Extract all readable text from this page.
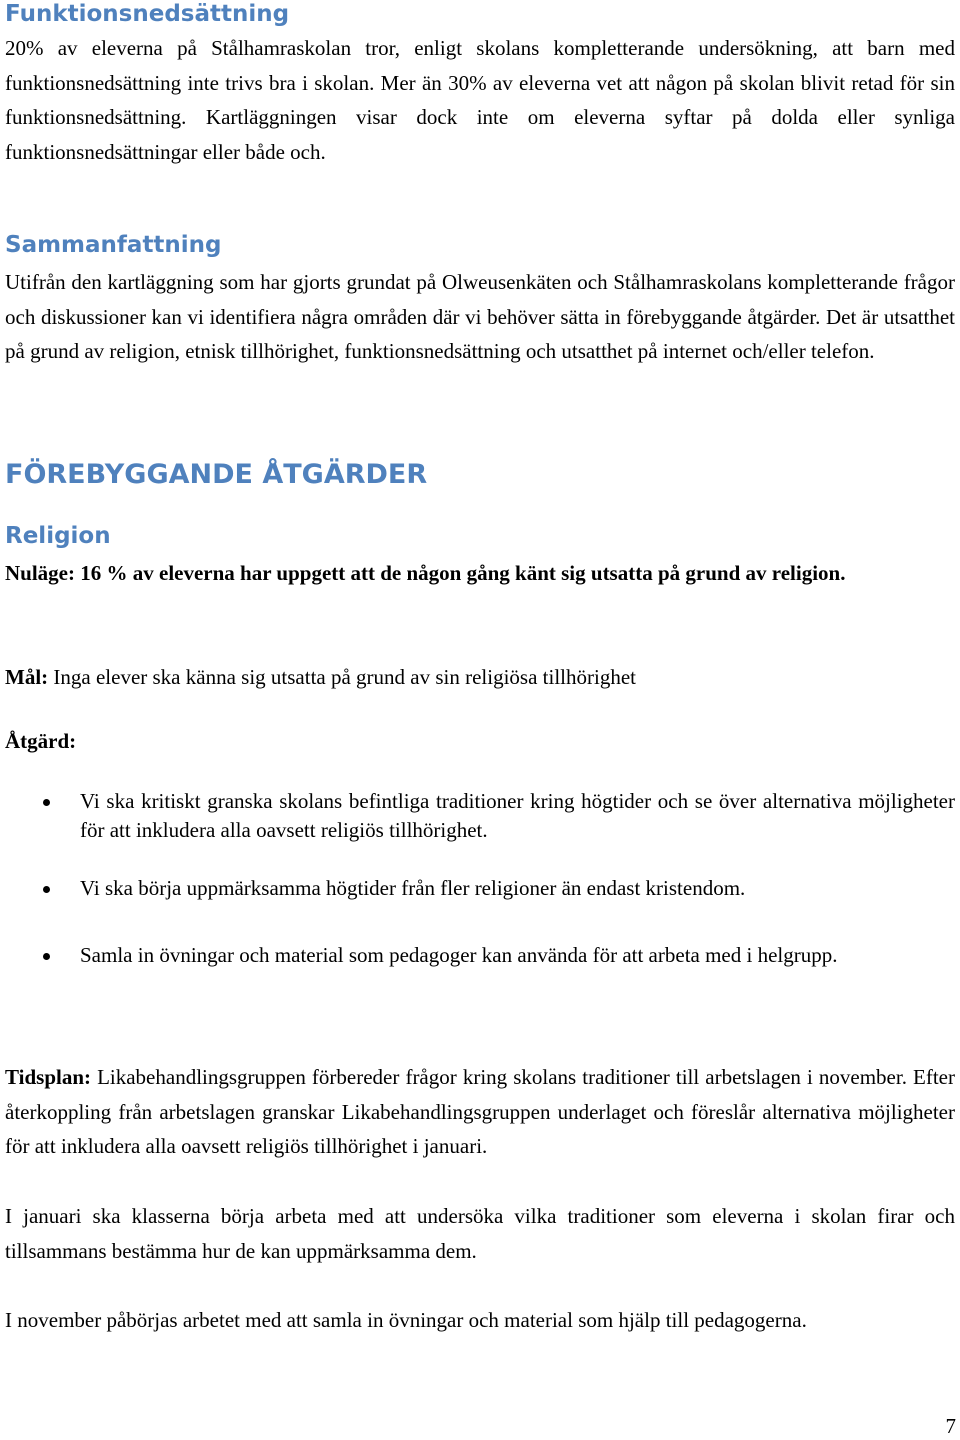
Funktionsnedsättning

20% av eleverna på Stålhamraskolan tror, enligt skolans kompletterande undersökning, att barn med funktionsnedsättning inte trivs bra i skolan. Mer än 30% av eleverna vet att någon på skolan blivit retad för sin funktionsnedsättning. Kartläggningen visar dock inte om eleverna syftar på dolda eller synliga funktionsnedsättningar eller både och.

Sammanfattning

Utifrån den kartläggning som har gjorts grundat på Olweusenkäten och Stålhamraskolans kompletterande frågor och diskussioner kan vi identifiera några områden där vi behöver sätta in förebyggande åtgärder. Det är utsatthet på grund av religion, etnisk tillhörighet, funktionsnedsättning och utsatthet på internet och/eller telefon.

FÖREBYGGANDE ÅTGÄRDER
Religion

Nuläge: 16 % av eleverna har uppgett att de någon gång känt sig utsatta på grund av religion.

Mål: Inga elever ska känna sig utsatta på grund av sin religiösa tillhörighet

Åtgärd:

Vi ska kritiskt granska skolans befintliga traditioner kring högtider och se över alternativa möjligheter för att inkludera alla oavsett religiös tillhörighet.
Vi ska börja uppmärksamma högtider från fler religioner än endast kristendom.
Samla in övningar och material som pedagoger kan använda för att arbeta med i helgrupp.

Tidsplan: Likabehandlingsgruppen förbereder frågor kring skolans traditioner till arbetslagen i november. Efter återkoppling från arbetslagen granskar Likabehandlingsgruppen underlaget och föreslår alternativa möjligheter för att inkludera alla oavsett religiös tillhörighet i januari.

I januari ska klasserna börja arbeta med att undersöka vilka traditioner som eleverna i skolan firar och tillsammans bestämma hur de kan uppmärksamma dem.

I november påbörjas arbetet med att samla in övningar och material som hjälp till pedagogerna.

7
